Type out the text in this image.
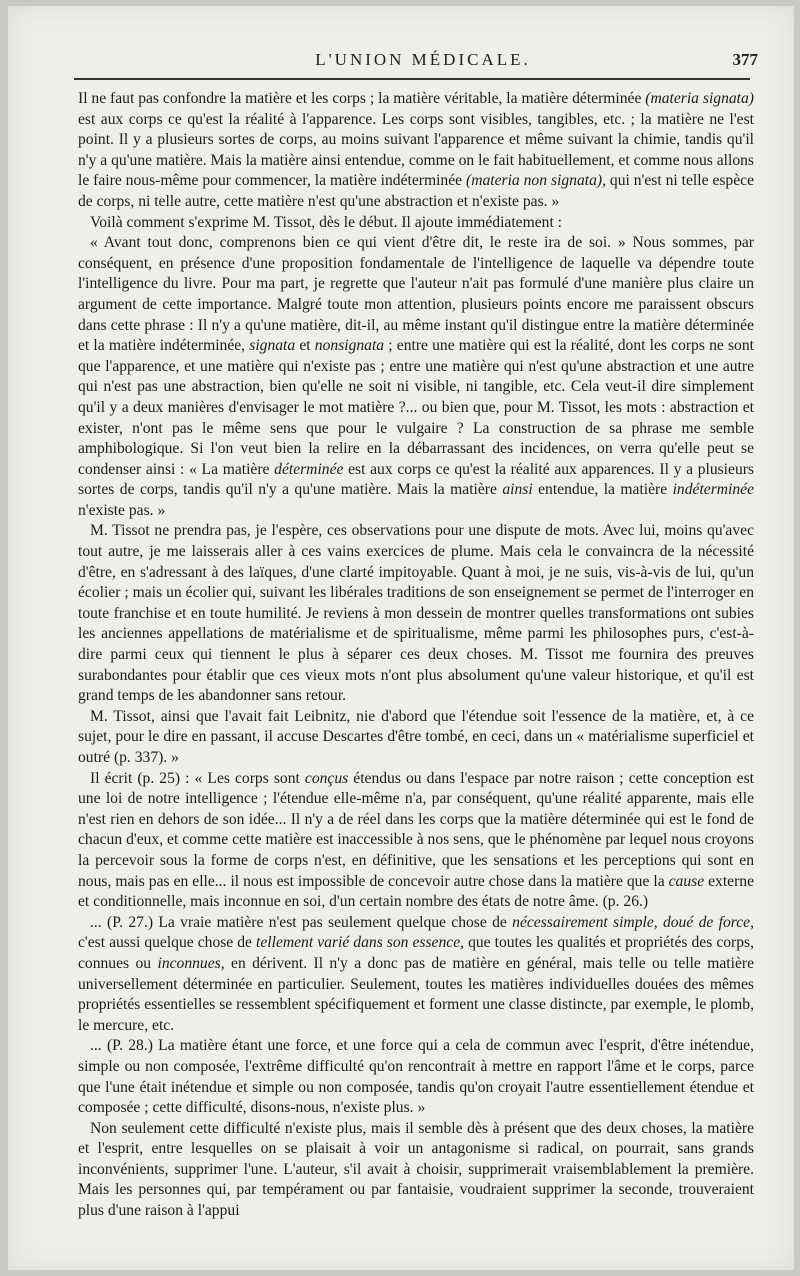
L'UNION MÉDICALE.	377

Il ne faut pas confondre la matière et les corps ; la matière véritable, la matière déterminée (materia signata) est aux corps ce qu'est la réalité à l'apparence. Les corps sont visibles, tangibles, etc. ; la matière ne l'est point. Il y a plusieurs sortes de corps, au moins suivant l'apparence et même suivant la chimie, tandis qu'il n'y a qu'une matière. Mais la matière ainsi entendue, comme on le fait habituellement, et comme nous allons le faire nous-même pour commencer, la matière indéterminée (materia non signata), qui n'est ni telle espèce de corps, ni telle autre, cette matière n'est qu'une abstraction et n'existe pas. »

Voilà comment s'exprime M. Tissot, dès le début. Il ajoute immédiatement :

« Avant tout donc, comprenons bien ce qui vient d'être dit, le reste ira de soi. » Nous sommes, par conséquent, en présence d'une proposition fondamentale de l'intelligence de laquelle va dépendre toute l'intelligence du livre. Pour ma part, je regrette que l'auteur n'ait pas formulé d'une manière plus claire un argument de cette importance. Malgré toute mon attention, plusieurs points encore me paraissent obscurs dans cette phrase : Il n'y a qu'une matière, dit-il, au même instant qu'il distingue entre la matière déterminée et la matière indéterminée, signata et nonsignata ; entre une matière qui est la réalité, dont les corps ne sont que l'apparence, et une matière qui n'existe pas ; entre une matière qui n'est qu'une abstraction et une autre qui n'est pas une abstraction, bien qu'elle ne soit ni visible, ni tangible, etc. Cela veut-il dire simplement qu'il y a deux manières d'envisager le mot matière ?... ou bien que, pour M. Tissot, les mots : abstraction et exister, n'ont pas le même sens que pour le vulgaire ? La construction de sa phrase me semble amphibologique. Si l'on veut bien la relire en la débarrassant des incidences, on verra qu'elle peut se condenser ainsi : « La matière déterminée est aux corps ce qu'est la réalité aux apparences. Il y a plusieurs sortes de corps, tandis qu'il n'y a qu'une matière. Mais la matière ainsi entendue, la matière indéterminée n'existe pas. »

M. Tissot ne prendra pas, je l'espère, ces observations pour une dispute de mots. Avec lui, moins qu'avec tout autre, je me laisserais aller à ces vains exercices de plume. Mais cela le convaincra de la nécessité d'être, en s'adressant à des laïques, d'une clarté impitoyable. Quant à moi, je ne suis, vis-à-vis de lui, qu'un écolier ; mais un écolier qui, suivant les libérales traditions de son enseignement se permet de l'interroger en toute franchise et en toute humilité. Je reviens à mon dessein de montrer quelles transformations ont subies les anciennes appellations de matérialisme et de spiritualisme, même parmi les philosophes purs, c'est-à-dire parmi ceux qui tiennent le plus à séparer ces deux choses. M. Tissot me fournira des preuves surabondantes pour établir que ces vieux mots n'ont plus absolument qu'une valeur historique, et qu'il est grand temps de les abandonner sans retour.

M. Tissot, ainsi que l'avait fait Leibnitz, nie d'abord que l'étendue soit l'essence de la matière, et, à ce sujet, pour le dire en passant, il accuse Descartes d'être tombé, en ceci, dans un « matérialisme superficiel et outré (p. 337). »

Il écrit (p. 25) : « Les corps sont conçus étendus ou dans l'espace par notre raison ; cette conception est une loi de notre intelligence ; l'étendue elle-même n'a, par conséquent, qu'une réalité apparente, mais elle n'est rien en dehors de son idée... Il n'y a de réel dans les corps que la matière déterminée qui est le fond de chacun d'eux, et comme cette matière est inaccessible à nos sens, que le phénomène par lequel nous croyons la percevoir sous la forme de corps n'est, en définitive, que les sensations et les perceptions qui sont en nous, mais pas en elle... il nous est impossible de concevoir autre chose dans la matière que la cause externe et conditionnelle, mais inconnue en soi, d'un certain nombre des états de notre âme. (p. 26.)

... (P. 27.) La vraie matière n'est pas seulement quelque chose de nécessairement simple, doué de force, c'est aussi quelque chose de tellement varié dans son essence, que toutes les qualités et propriétés des corps, connues ou inconnues, en dérivent. Il n'y a donc pas de matière en général, mais telle ou telle matière universellement déterminée en particulier. Seulement, toutes les matières individuelles douées des mêmes propriétés essentielles se ressemblent spécifiquement et forment une classe distincte, par exemple, le plomb, le mercure, etc.

... (P. 28.) La matière étant une force, et une force qui a cela de commun avec l'esprit, d'être inétendue, simple ou non composée, l'extrême difficulté qu'on rencontrait à mettre en rapport l'âme et le corps, parce que l'une était inétendue et simple ou non composée, tandis qu'on croyait l'autre essentiellement étendue et composée ; cette difficulté, disons-nous, n'existe plus. »

Non seulement cette difficulté n'existe plus, mais il semble dès à présent que des deux choses, la matière et l'esprit, entre lesquelles on se plaisait à voir un antagonisme si radical, on pourrait, sans grands inconvénients, supprimer l'une. L'auteur, s'il avait à choisir, supprimerait vraisemblablement la première. Mais les personnes qui, par tempérament ou par fantaisie, voudraient supprimer la seconde, trouveraient plus d'une raison à l'appui
